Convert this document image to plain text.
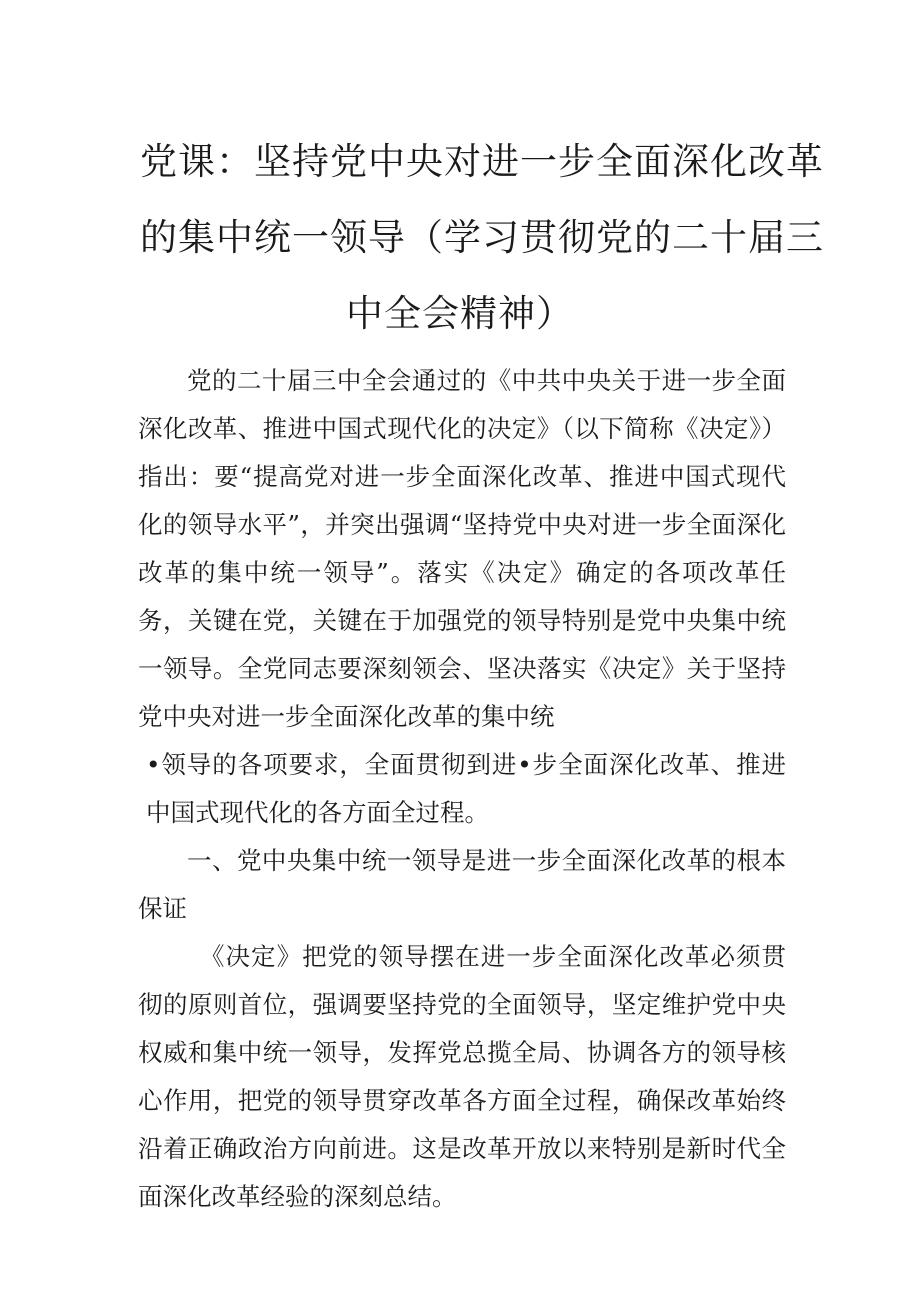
党课：坚持党中央对进一步全面深化改革
的集中统一领导（学习贯彻党的二十届三
中全会精神）

党的二十届三中全会通过的《中共中央关于进一步全面深化改革、推进中国式现代化的决定》（以下简称《决定》）指出：要“提高党对进一步全面深化改革、推进中国式现代化的领导水平”，并突出强调“坚持党中央对进一步全面深化改革的集中统一领导”。落实《决定》确定的各项改革任务，关键在党，关键在于加强党的领导特别是党中央集中统一领导。全党同志要深刻领会、坚决落实《决定》关于坚持党中央对进一步全面深化改革的集中统

•领导的各项要求，全面贯彻到进•步全面深化改革、推进中国式现代化的各方面全过程。

一、党中央集中统一领导是进一步全面深化改革的根本保证

《决定》把党的领导摆在进一步全面深化改革必须贯彻的原则首位，强调要坚持党的全面领导，坚定维护党中央权威和集中统一领导，发挥党总揽全局、协调各方的领导核心作用，把党的领导贯穿改革各方面全过程，确保改革始终沿着正确政治方向前进。这是改革开放以来特别是新时代全面深化改革经验的深刻总结。
